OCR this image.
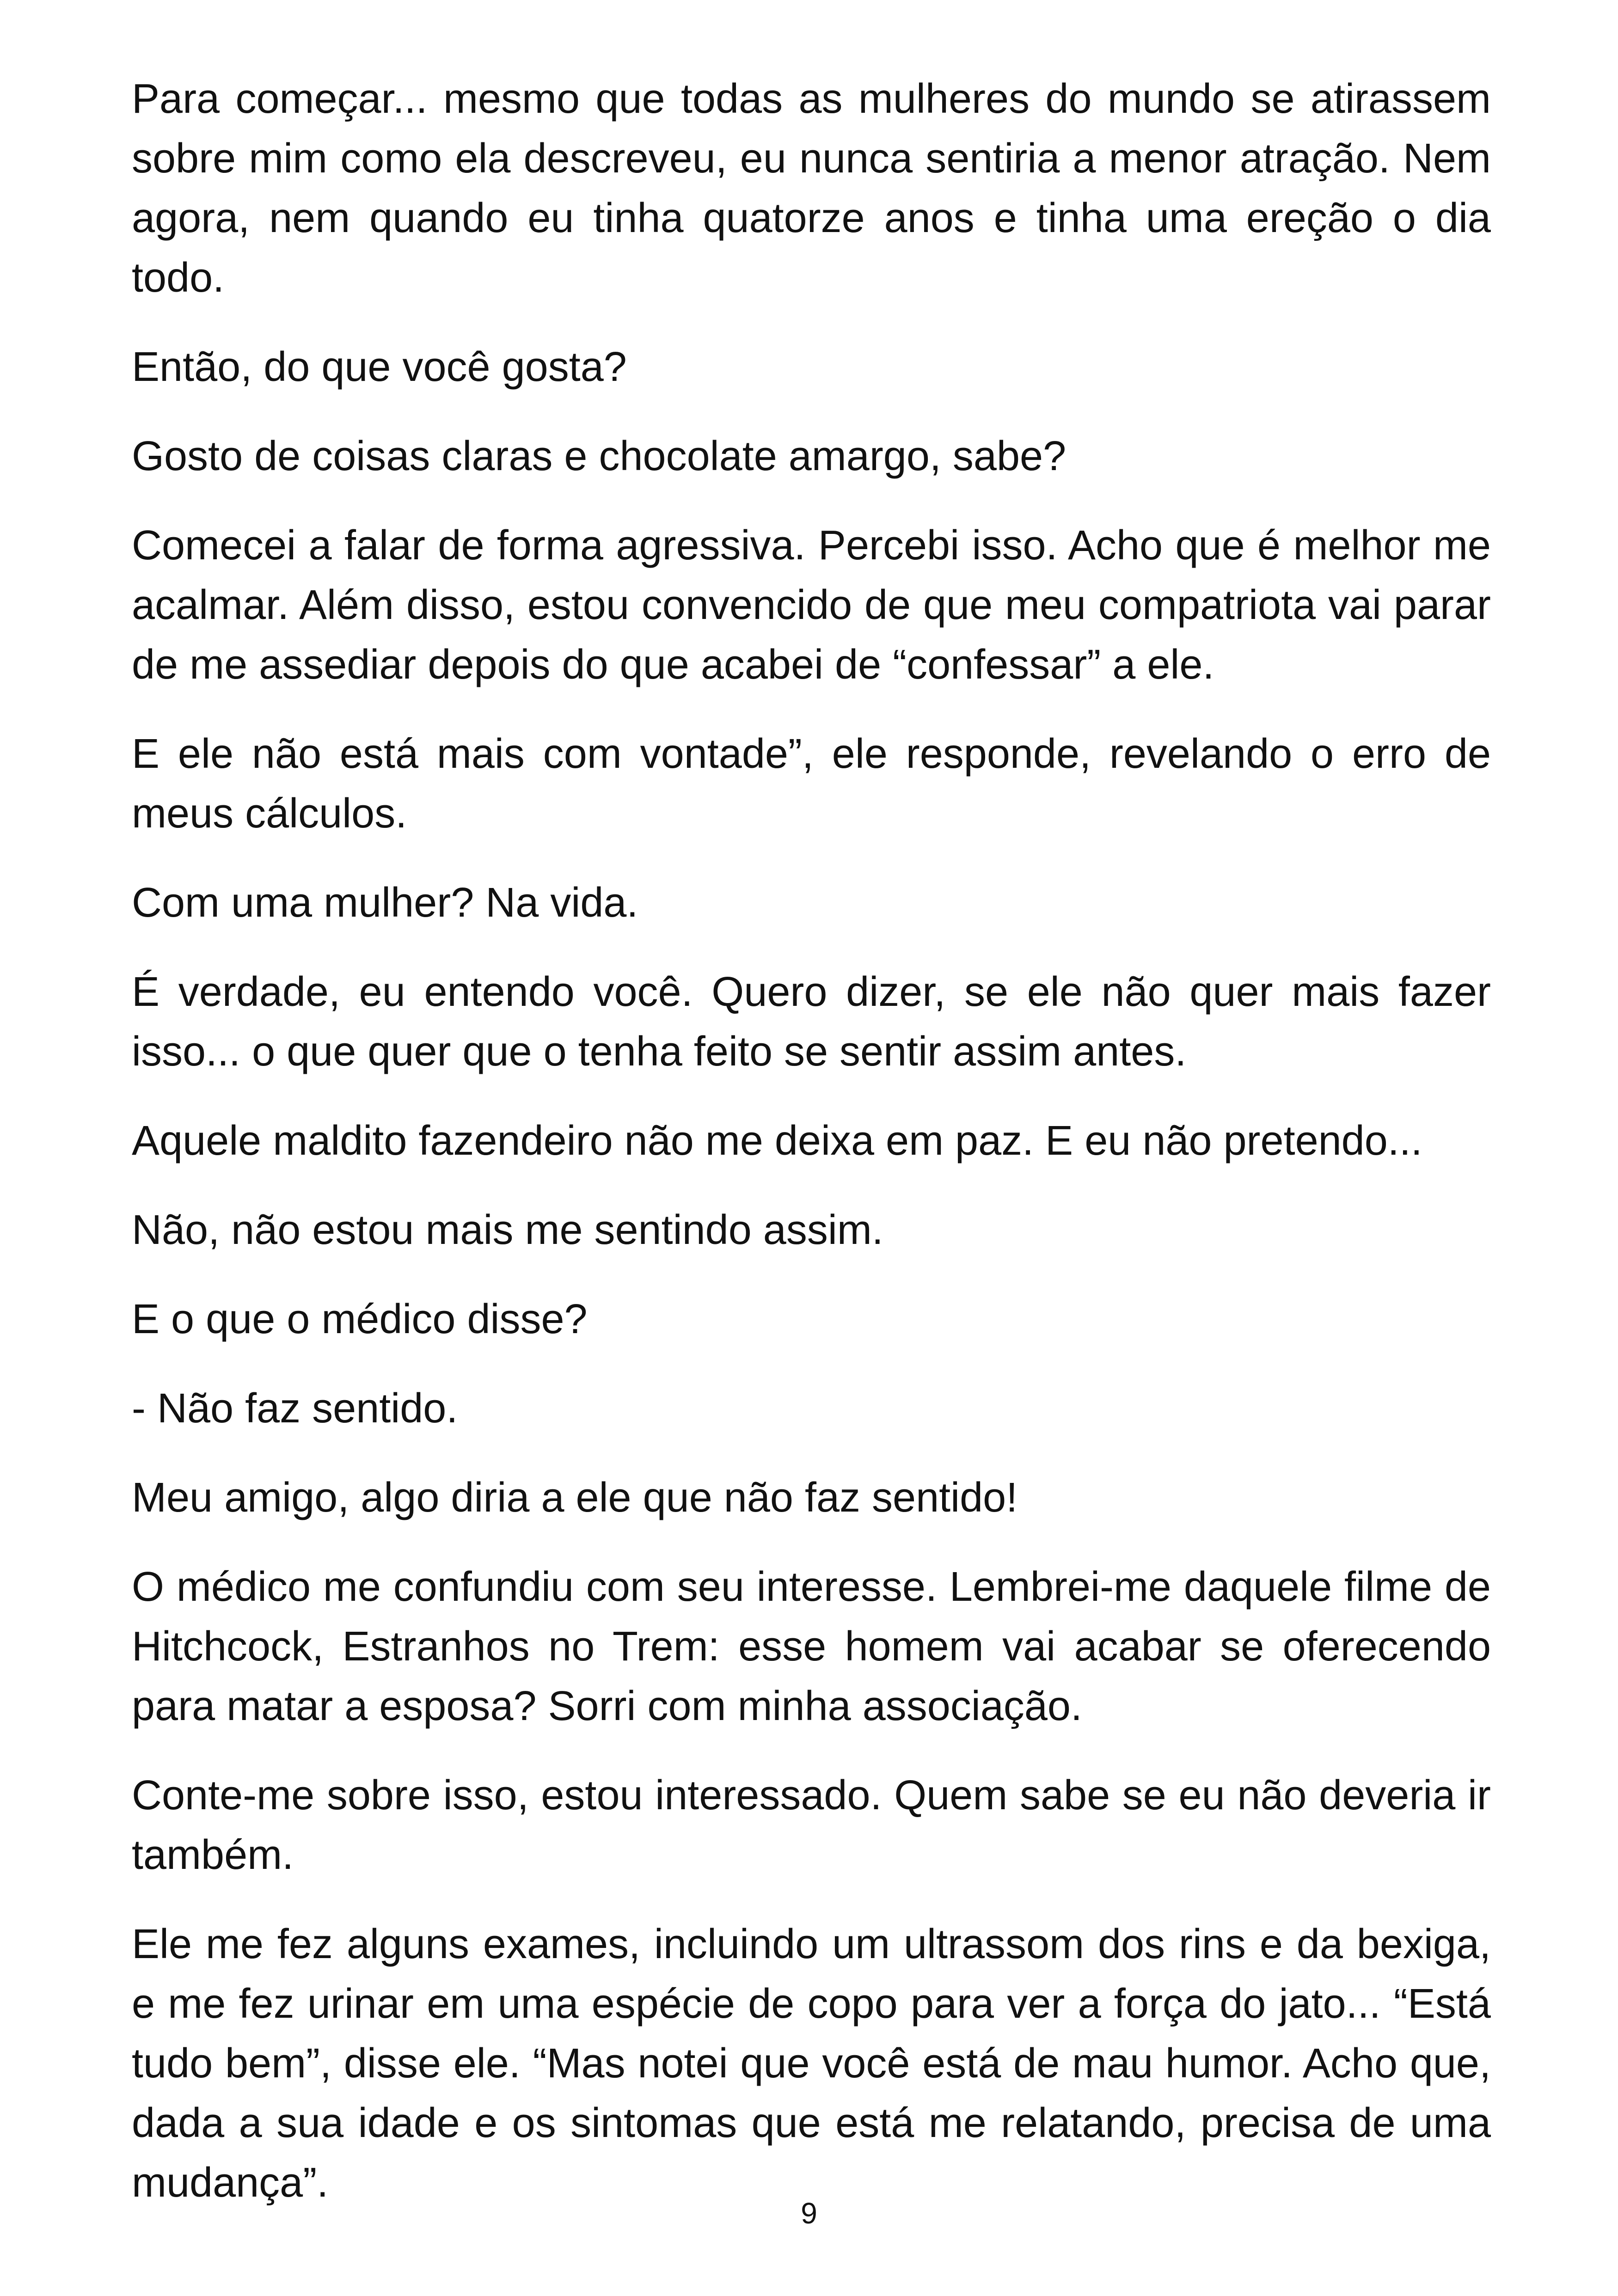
Para começar... mesmo que todas as mulheres do mundo se atirassem sobre mim como ela descreveu, eu nunca sentiria a menor atração. Nem agora, nem quando eu tinha quatorze anos e tinha uma ereção o dia todo.

Então, do que você gosta?

Gosto de coisas claras e chocolate amargo, sabe?

Comecei a falar de forma agressiva. Percebi isso. Acho que é melhor me acalmar. Além disso, estou convencido de que meu compatriota vai parar de me assediar depois do que acabei de “confessar” a ele.

E ele não está mais com vontade”, ele responde, revelando o erro de meus cálculos.

Com uma mulher? Na vida.

É verdade, eu entendo você. Quero dizer, se ele não quer mais fazer isso... o que quer que o tenha feito se sentir assim antes.

Aquele maldito fazendeiro não me deixa em paz. E eu não pretendo...

Não, não estou mais me sentindo assim.

E o que o médico disse?

- Não faz sentido.

Meu amigo, algo diria a ele que não faz sentido!

O médico me confundiu com seu interesse. Lembrei-me daquele filme de Hitchcock, Estranhos no Trem: esse homem vai acabar se oferecendo para matar a esposa? Sorri com minha associação.

Conte-me sobre isso, estou interessado. Quem sabe se eu não deveria ir também.

Ele me fez alguns exames, incluindo um ultrassom dos rins e da bexiga, e me fez urinar em uma espécie de copo para ver a força do jato... “Está tudo bem”, disse ele. “Mas notei que você está de mau humor. Acho que, dada a sua idade e os sintomas que está me relatando, precisa de uma mudança”.

9
